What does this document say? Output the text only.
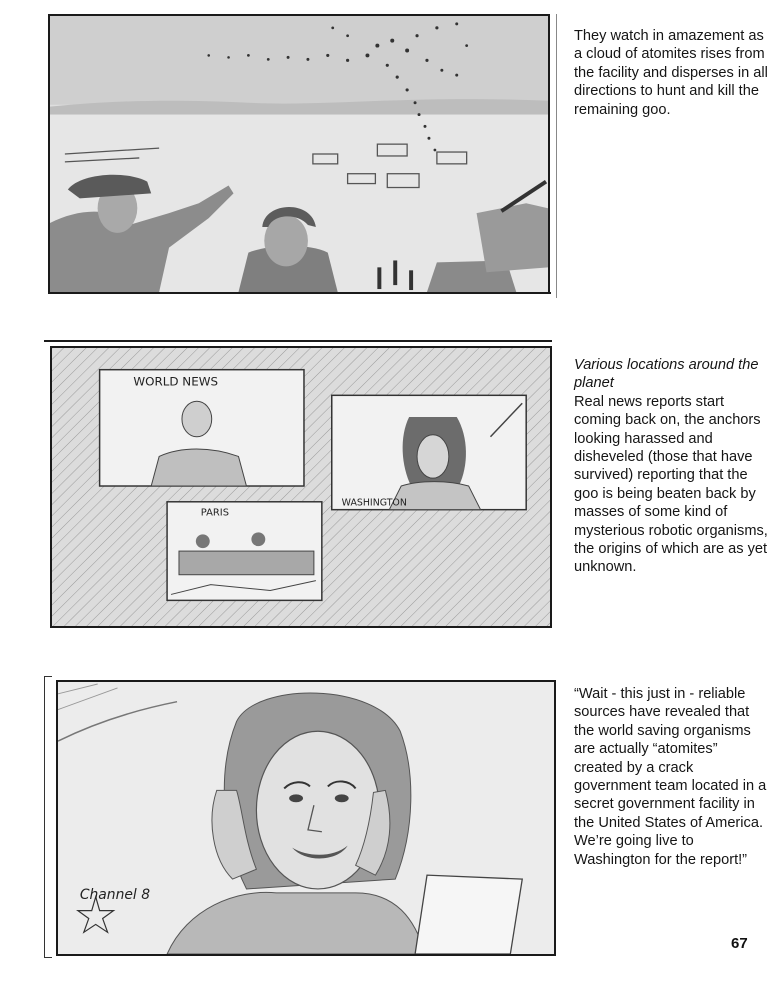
They watch in amazement as a cloud of atomites rises from the facility and disperses in all directions to hunt and kill the remaining goo.

WORLD NEWS
WASHINGTON
PARIS

Various locations around the planet

Real news reports start coming back on, the anchors looking harassed and disheveled (those that have survived) reporting that the goo is being beaten back by masses of some kind of mysterious robotic organisms, the origins of which are as yet unknown.

Channel 8

“Wait - this just in - reliable sources have revealed that the world saving organisms are actually “atomites” created by a crack government team located in a secret government facility in the United States of America. We’re going live to Washington for the report!”

67
